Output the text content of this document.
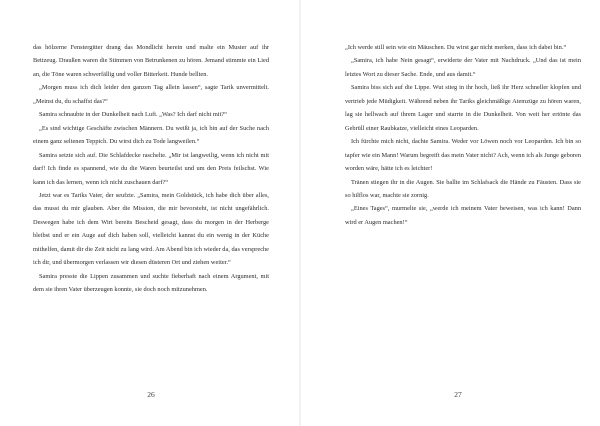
das hölzerne Fenstergitter drang das Mondlicht herein und malte ein Muster auf ihr Bettzeug. Draußen waren die Stimmen von Betrunkenen zu hören. Jemand stimmte ein Lied an, die Töne waren schwerfällig und voller Bitterkeit. Hunde bellten.

„Morgen muss ich dich leider den ganzen Tag allein lassen“, sagte Tarik unvermittelt. „Meinst du, du schaffst das?“

Samira schnaubte in der Dunkelheit nach Luft. „Was? Ich darf nicht mit?“

„Es sind wichtige Geschäfte zwischen Männern. Du weißt ja, ich bin auf der Suche nach einem ganz seltenen Teppich. Du wirst dich zu Tode langweilen.“

Samira setzte sich auf. Die Schlafdecke raschelte. „Mir ist langweilig, wenn ich nicht mit darf! Ich finde es spannend, wie du die Waren beurteilst und um den Preis feilschst. Wie kann ich das lernen, wenn ich nicht zuschauen darf?“

Jetzt war es Tariks Vater, der seufzte. „Samira, mein Goldstück, ich habe dich über alles, das musst du mir glauben. Aber die Mission, die mir bevorsteht, ist nicht ungefährlich. Deswegen habe ich dem Wirt bereits Bescheid gesagt, dass du morgen in der Herberge bleibst und er ein Auge auf dich haben soll, vielleicht kannst du ein wenig in der Küche mithelfen, damit dir die Zeit nicht zu lang wird. Am Abend bin ich wieder da, das verspreche ich dir, und übermorgen verlassen wir diesen düsteren Ort und ziehen weiter.“

Samira presste die Lippen zusammen und suchte fieberhaft nach einem Argument, mit dem sie ihren Vater überzeugen konnte, sie doch noch mitzunehmen.

„Ich werde still sein wie ein Mäuschen. Du wirst gar nicht merken, dass ich dabei bin.“

„Samira, ich habe Nein gesagt“, erwiderte der Vater mit Nachdruck. „Und das ist mein letztes Wort zu dieser Sache. Ende, und aus damit.“

Samira biss sich auf die Lippe. Wut stieg in ihr hoch, ließ ihr Herz schneller klopfen und vertrieb jede Müdigkeit. Während neben ihr Tariks gleichmäßige Atemzüge zu hören waren, lag sie hellwach auf ihrem Lager und starrte in die Dunkelheit. Von weit her ertönte das Gebrüll einer Raubkatze, vielleicht eines Leoparden.

Ich fürchte mich nicht, dachte Samira. Weder vor Löwen noch vor Leoparden. Ich bin so tapfer wie ein Mann! Warum begreift das mein Vater nicht? Ach, wenn ich als Junge geboren worden wäre, hätte ich es leichter!

Tränen stiegen ihr in die Augen. Sie ballte im Schlafsack die Hände zu Fäusten. Dass sie so hilflos war, machte sie zornig.

„Eines Tages“, murmelte sie, „werde ich meinem Vater beweisen, was ich kann! Dann wird er Augen machen!“

26	27
